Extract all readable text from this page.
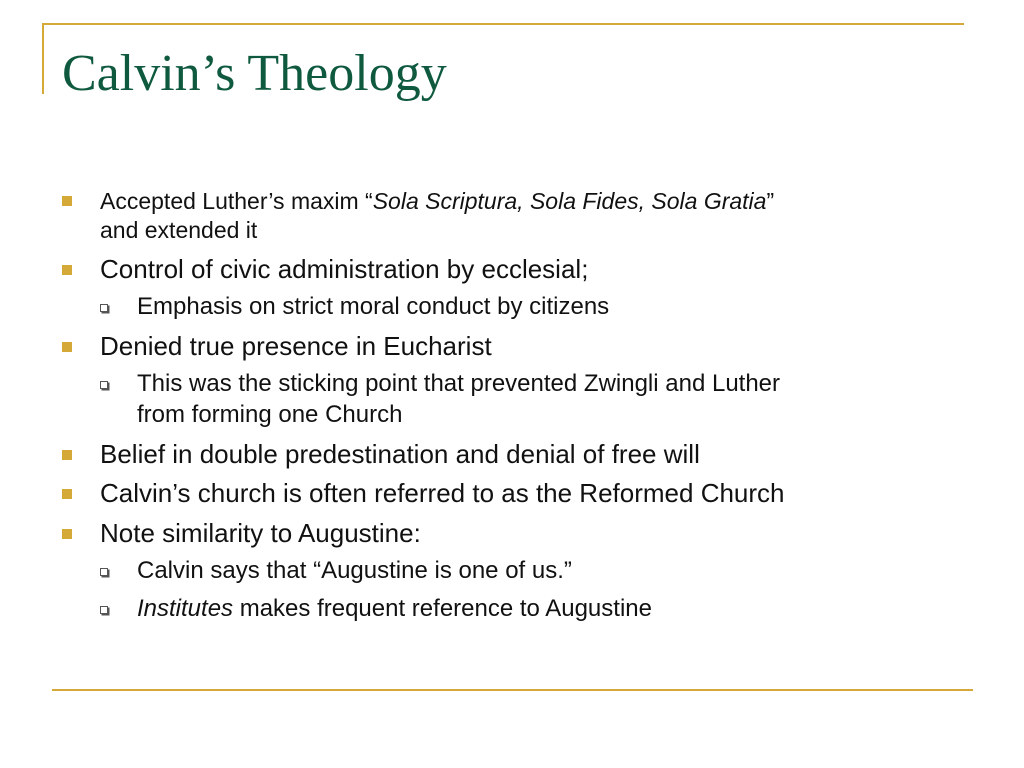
Calvin’s Theology
Accepted Luther’s maxim “Sola Scriptura, Sola Fides, Sola Gratia”
and extended it
Control of civic administration by ecclesial;
Emphasis on strict moral conduct by citizens
Denied true presence in Eucharist
This was the sticking point that prevented Zwingli and Luther
from forming one Church
Belief in double predestination and denial of free will
Calvin’s church is often referred to as the Reformed Church
Note similarity to Augustine:
Calvin says that “Augustine is one of us.”
Institutes makes frequent reference to Augustine
